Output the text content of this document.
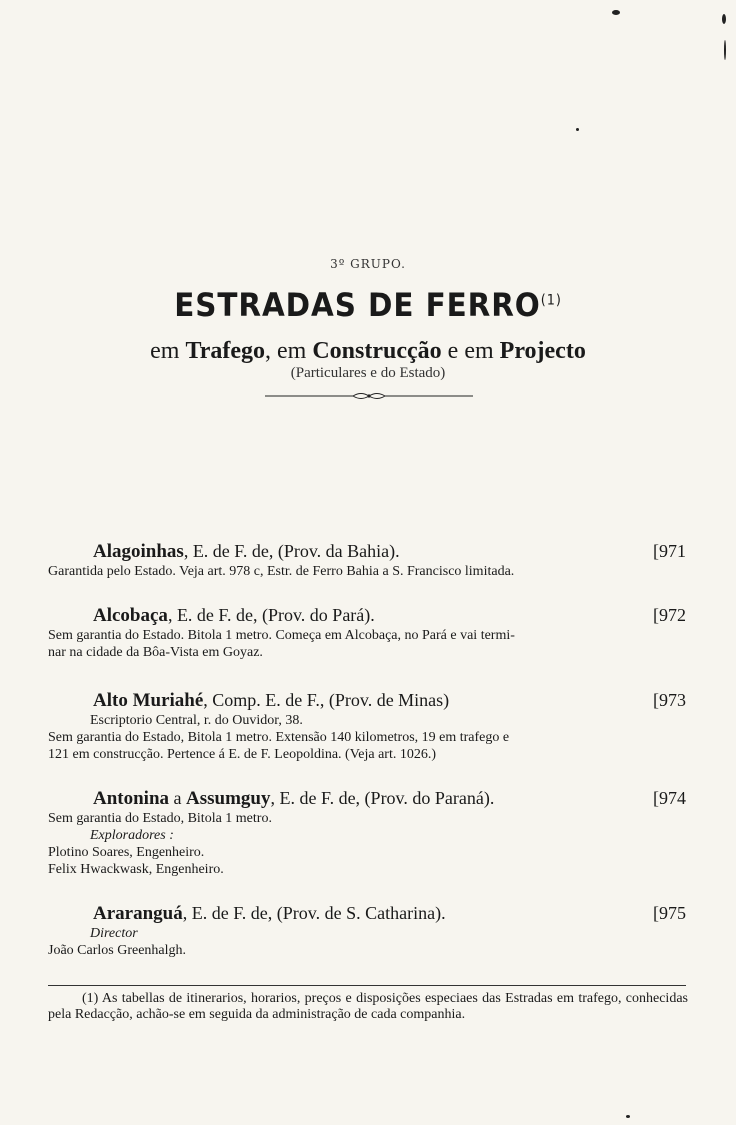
3º GRUPO.
ESTRADAS DE FERRO$^{(1)}$
em Trafego, em Construcção e em Projecto
(Particulares e do Estado)
Alagoinhas, E. de F. de, (Prov. da Bahia).	[971
Garantida pelo Estado. Veja art. 978 c, Estr. de Ferro Bahia a S. Francisco limitada.
Alcobaça, E. de F. de, (Prov. do Pará).	[972
Sem garantia do Estado. Bitola 1 metro. Começa em Alcobaça, no Pará e vai termi-
nar na cidade da Bôa-Vista em Goyaz.
Alto Muriahé, Comp. E. de F., (Prov. de Minas)	[973
Escriptorio Central, r. do Ouvidor, 38.
Sem garantia do Estado, Bitola 1 metro. Extensão 140 kilometros, 19 em trafego e
121 em construcção. Pertence á E. de F. Leopoldina. (Veja art. 1026.)
Antonina a Assumguy, E. de F. de, (Prov. do Paraná).	[974
Sem garantia do Estado, Bitola 1 metro.
Exploradores :
Plotino Soares, Engenheiro.
Felix Hwackwask, Engenheiro.
Araranguá, E. de F. de, (Prov. de S. Catharina).	[975
Director
João Carlos Greenhalgh.
(1) As tabellas de itinerarios, horarios, preços e disposições especiaes das Estradas em trafego, conhecidas pela Redacção, achão-se em seguida da administração de cada companhia.
